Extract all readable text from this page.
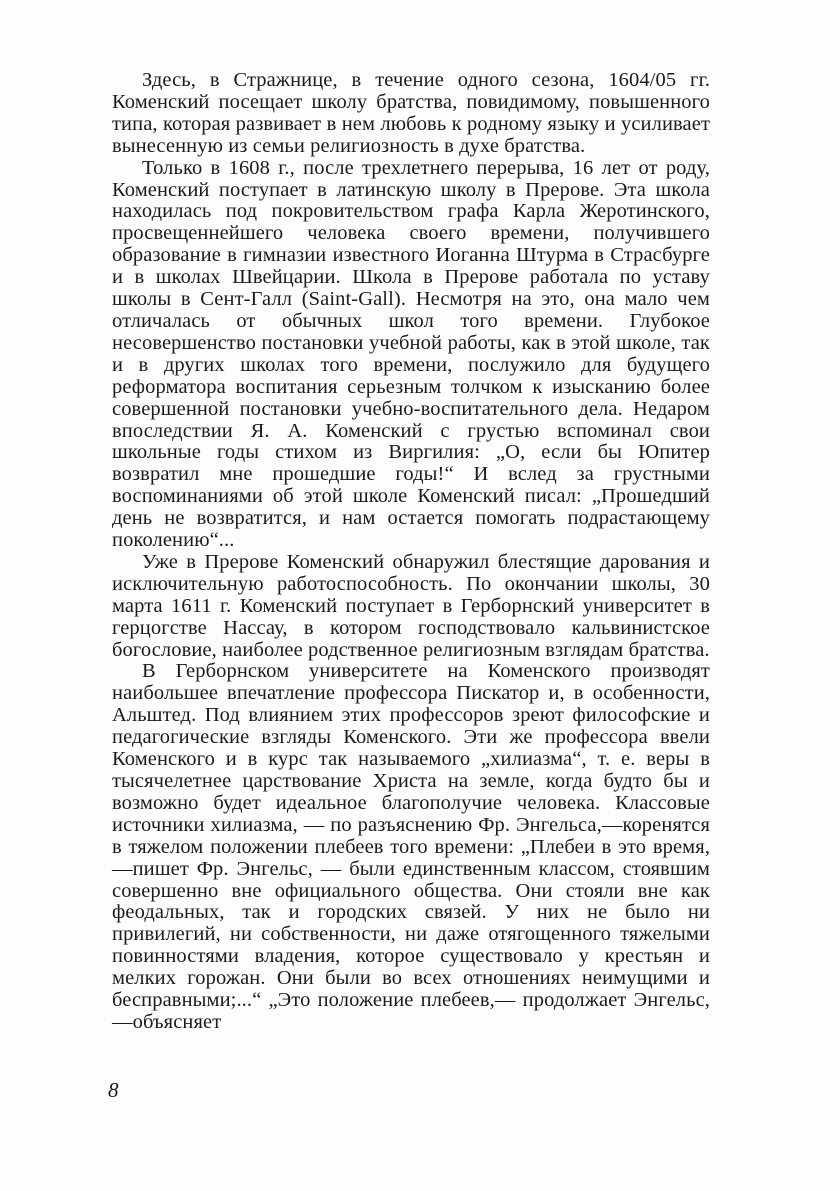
Здесь, в Стражнице, в течение одного сезона, 1604/05 гг. Коменский посещает школу братства, повидимому, повышенного типа, которая развивает в нем любовь к родному языку и усиливает вынесенную из семьи религиозность в духе братства.

Только в 1608 г., после трехлетнего перерыва, 16 лет от роду, Коменский поступает в латинскую школу в Прерове. Эта школа находилась под покровительством графа Карла Жеротинского, просвещеннейшего человека своего времени, получившего образование в гимназии известного Иоганна Штурма в Страсбурге и в школах Швейцарии. Школа в Прерове работала по уставу школы в Сент-Галл (Saint-Gall). Несмотря на это, она мало чем отличалась от обычных школ того времени. Глубокое несовершенство постановки учебной работы, как в этой школе, так и в других школах того времени, послужило для будущего реформатора воспитания серьезным толчком к изысканию более совершенной постановки учебно-воспитательного дела. Недаром впоследствии Я. А. Коменский с грустью вспоминал свои школьные годы стихом из Виргилия: „О, если бы Юпитер возвратил мне прошедшие годы!“ И вслед за грустными воспоминаниями об этой школе Коменский писал: „Прошедший день не возвратится, и нам остается помогать подрастающему поколению“...

Уже в Прерове Коменский обнаружил блестящие дарования и исключительную работоспособность. По окончании школы, 30 марта 1611 г. Коменский поступает в Герборнский университет в герцогстве Нассау, в котором господствовало кальвинистское богословие, наиболее родственное религиозным взглядам братства.

В Герборнском университете на Коменского производят наибольшее впечатление профессора Пискатор и, в особенности, Альштед. Под влиянием этих профессоров зреют философские и педагогические взгляды Коменского. Эти же профессора ввели Коменского и в курс так называемого „хилиазма“, т. е. веры в тысячелетнее царствование Христа на земле, когда будто бы и возможно будет идеальное благополучие человека. Классовые источники хилиазма, — по разъяснению Фр. Энгельса,—коренятся в тяжелом положении плебеев того времени: „Плебеи в это время,—пишет Фр. Энгельс, — были единственным классом, стоявшим совершенно вне официального общества. Они стояли вне как феодальных, так и городских связей. У них не было ни привилегий, ни собственности, ни даже отягощенного тяжелыми повинностями владения, которое существовало у крестьян и мелких горожан. Они были во всех отношениях неимущими и бесправными;...“ „Это положение плебеев,— продолжает Энгельс, —объясняет

8
